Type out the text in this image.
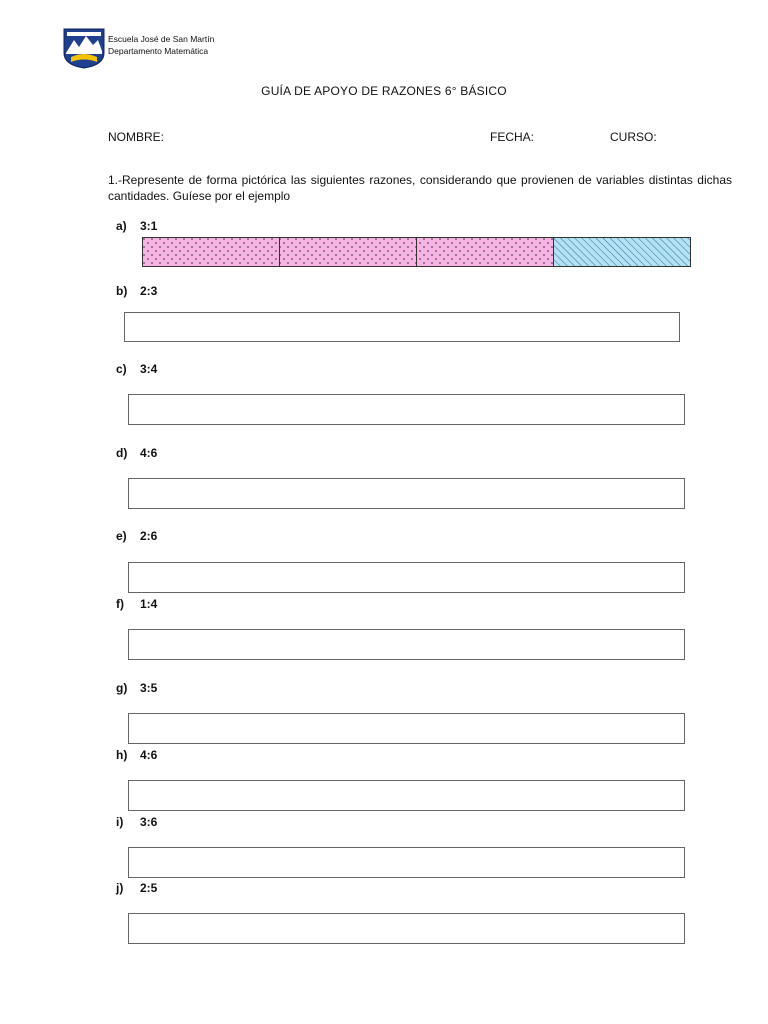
Escuela José de San Martín
Departamento Matemática
GUÍA DE APOYO DE RAZONES 6° BÁSICO
NOMBRE:	FECHA:	CURSO:
1.-Represente de forma pictórica las siguientes razones, considerando que provienen de variables distintas dichas cantidades. Guíese por el ejemplo
a) 3:1
b) 2:3
c) 3:4
d) 4:6
e) 2:6
f) 1:4
g) 3:5
h) 4:6
i) 3:6
j) 2:5
